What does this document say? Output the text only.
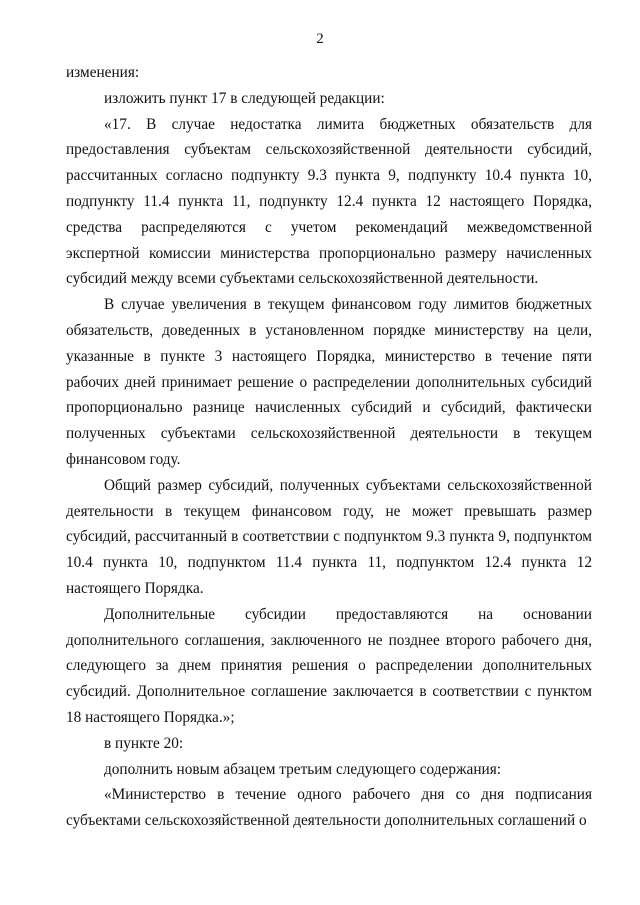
2

изменения:

изложить пункт 17 в следующей редакции:

«17. В случае недостатка лимита бюджетных обязательств для предоставления субъектам сельскохозяйственной деятельности субсидий, рассчитанных согласно подпункту 9.3 пункта 9, подпункту 10.4 пункта 10, подпункту 11.4 пункта 11, подпункту 12.4 пункта 12 настоящего Порядка, средства распределяются с учетом рекомендаций межведомственной экспертной комиссии министерства пропорционально размеру начисленных субсидий между всеми субъектами сельскохозяйственной деятельности.

В случае увеличения в текущем финансовом году лимитов бюджетных обязательств, доведенных в установленном порядке министерству на цели, указанные в пункте 3 настоящего Порядка, министерство в течение пяти рабочих дней принимает решение о распределении дополнительных субсидий пропорционально разнице начисленных субсидий и субсидий, фактически полученных субъектами сельскохозяйственной деятельности в текущем финансовом году.

Общий размер субсидий, полученных субъектами сельскохозяйственной деятельности в текущем финансовом году, не может превышать размер субсидий, рассчитанный в соответствии с подпунктом 9.3 пункта 9, подпунктом 10.4 пункта 10, подпунктом 11.4 пункта 11, подпунктом 12.4 пункта 12 настоящего Порядка.

Дополнительные субсидии предоставляются на основании дополнительного соглашения, заключенного не позднее второго рабочего дня, следующего за днем принятия решения о распределении дополнительных субсидий. Дополнительное соглашение заключается в соответствии с пунктом 18 настоящего Порядка.»;

в пункте 20:

дополнить новым абзацем третьим следующего содержания:

«Министерство в течение одного рабочего дня со дня подписания субъектами сельскохозяйственной деятельности дополнительных соглашений о
